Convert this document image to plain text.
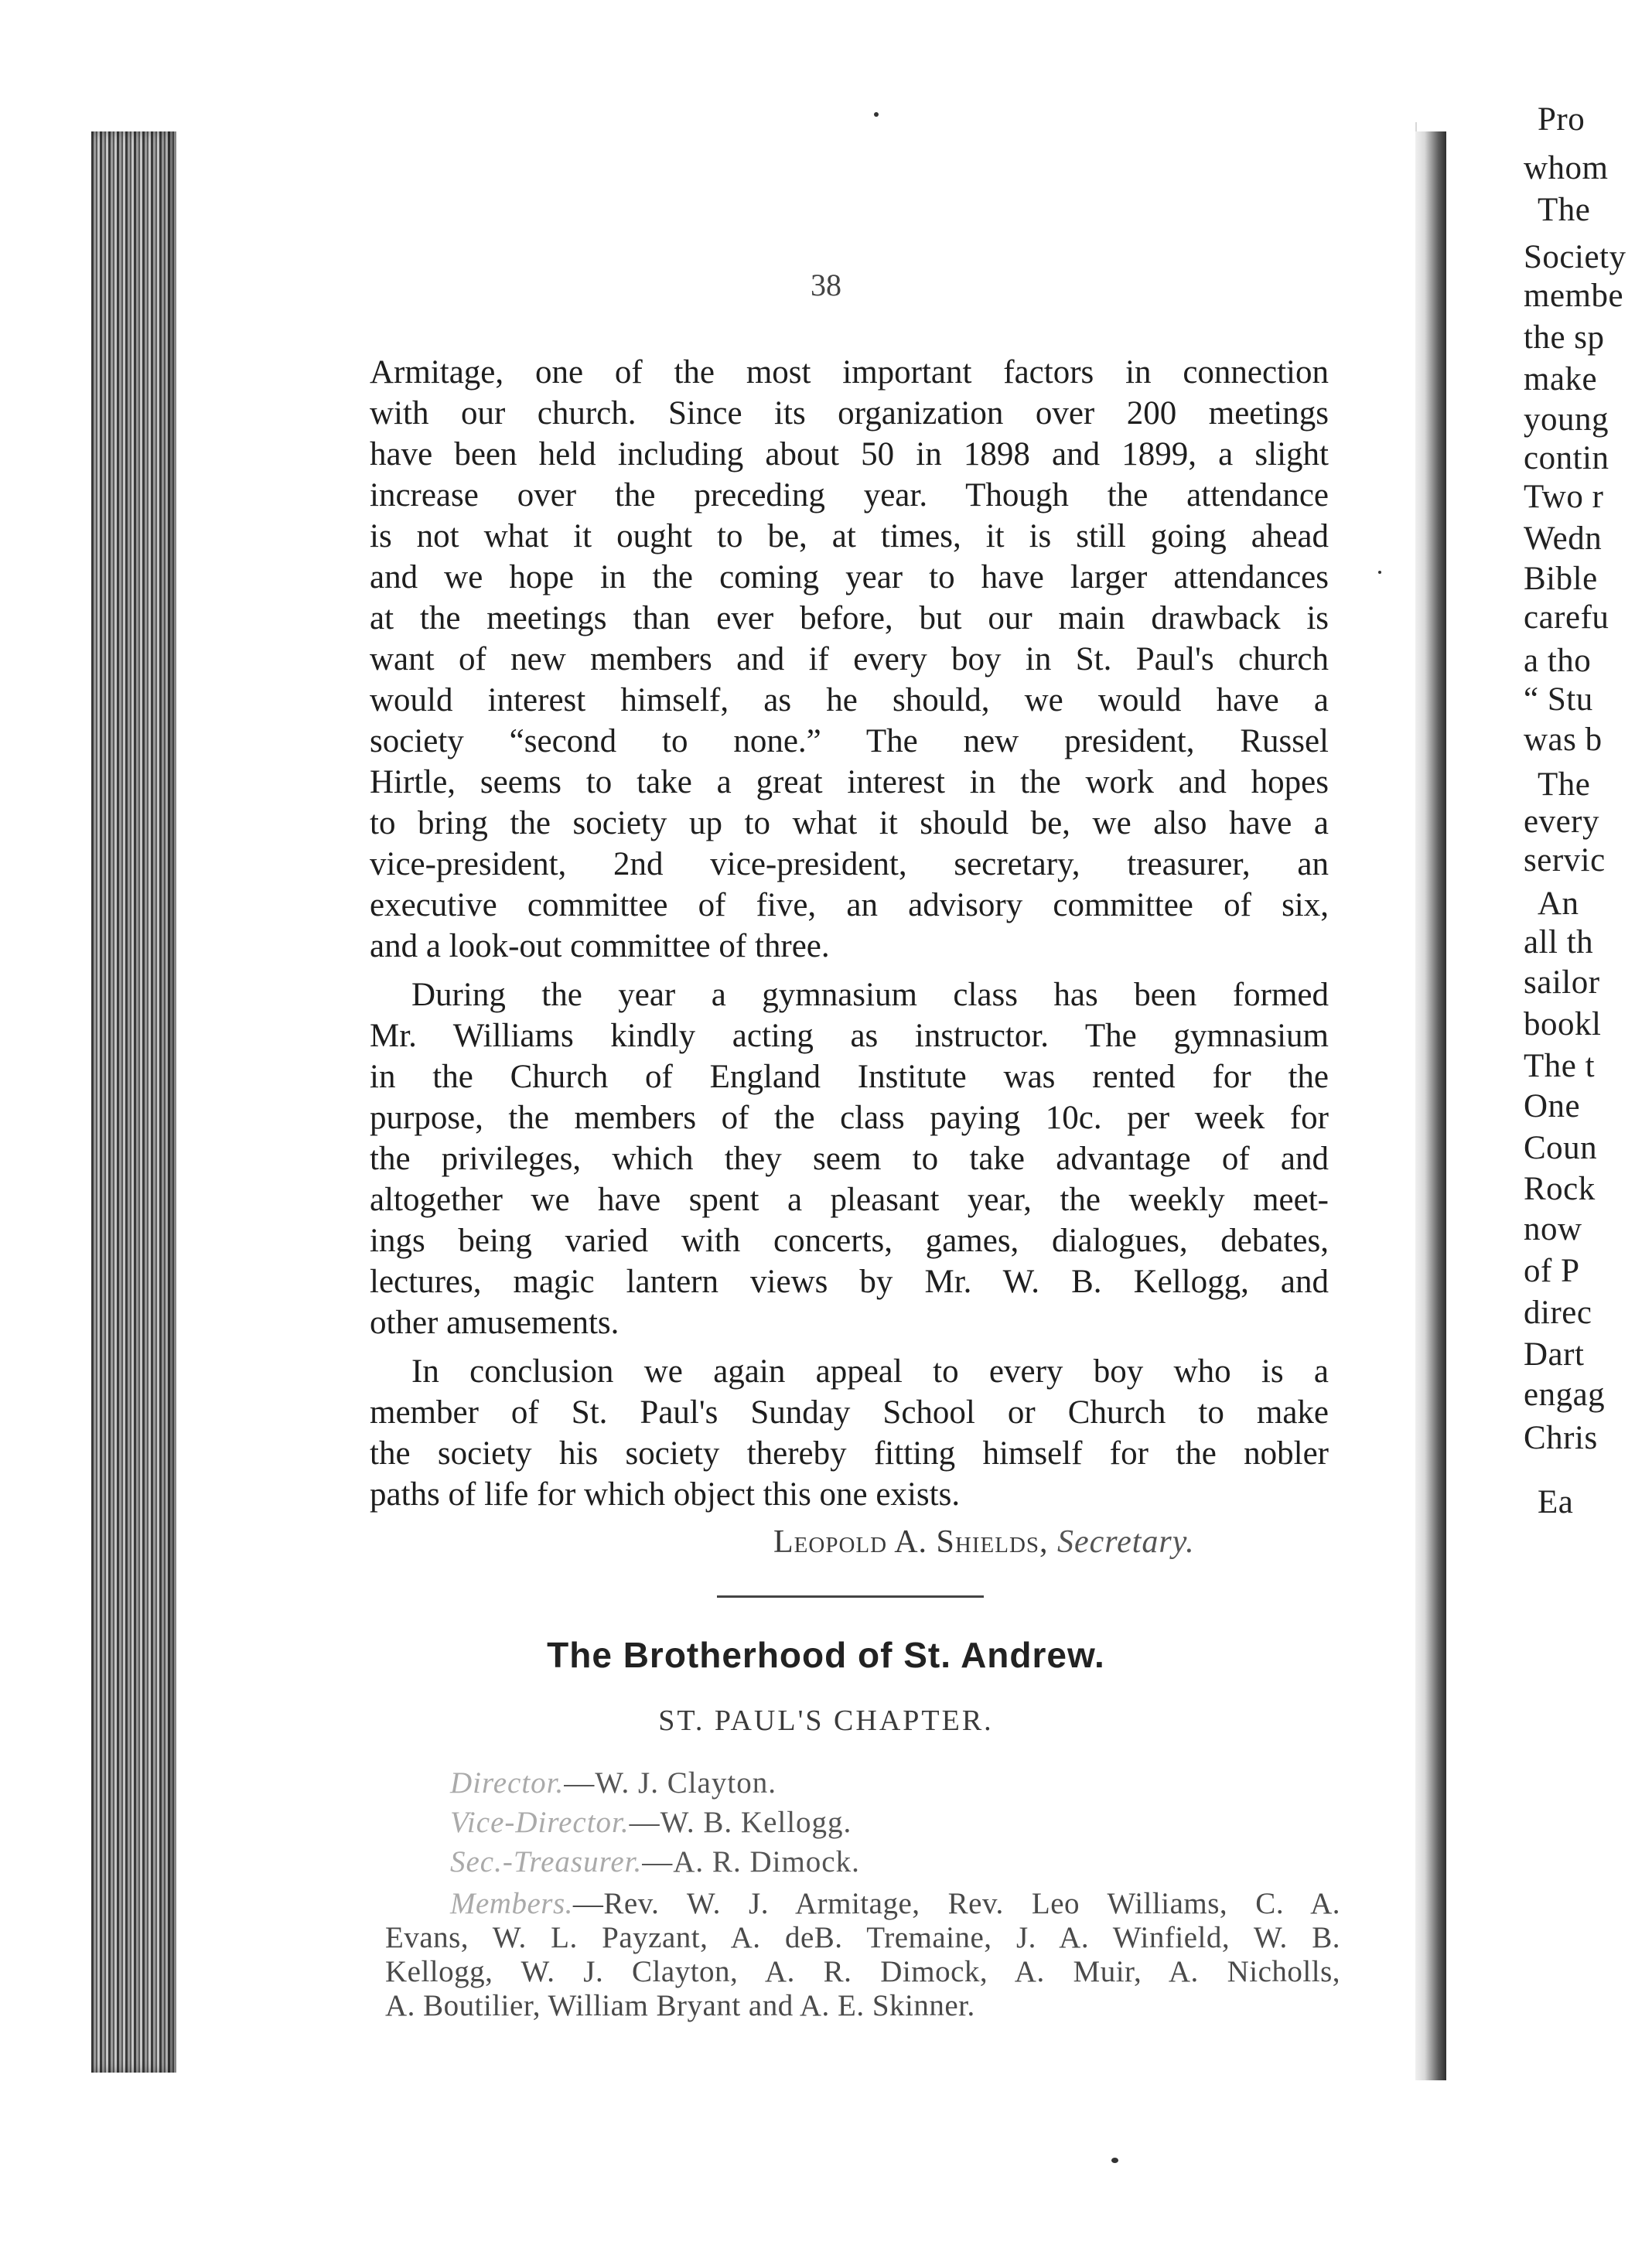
Pro
whom
The
Society
membe
the sp
make
young
contin
Two r
Wedn
Bible
carefu
a tho
“ Stu
was b
The
every
servic
An
all th
sailor
bookl
The t
One
Coun
Rock
now
of P
direc
Dart
engag
Chris
Ea
38
Armitage, one of the most important factors in connection
with our church. Since its organization over 200 meetings
have been held including about 50 in 1898 and 1899, a slight
increase over the preceding year. Though the attendance
is not what it ought to be, at times, it is still going ahead
and we hope in the coming year to have larger attendances
at the meetings than ever before, but our main drawback is
want of new members and if every boy in St. Paul's church
would interest himself, as he should, we would have a
society “second to none.” The new president, Russel
Hirtle, seems to take a great interest in the work and hopes
to bring the society up to what it should be, we also have a
vice-president, 2nd vice-president, secretary, treasurer, an
executive committee of five, an advisory committee of six,
and a look-out committee of three.
During the year a gymnasium class has been formed
Mr. Williams kindly acting as instructor. The gymnasium
in the Church of England Institute was rented for the
purpose, the members of the class paying 10c. per week for
the privileges, which they seem to take advantage of and
altogether we have spent a pleasant year, the weekly meet-
ings being varied with concerts, games, dialogues, debates,
lectures, magic lantern views by Mr. W. B. Kellogg, and
other amusements.
In conclusion we again appeal to every boy who is a
member of St. Paul's Sunday School or Church to make
the society his society thereby fitting himself for the nobler
paths of life for which object this one exists.
Leopold A. Shields, Secretary.
The Brotherhood of St. Andrew.
ST. PAUL'S CHAPTER.
Director.—W. J. Clayton.
Vice-Director.—W. B. Kellogg.
Sec.-Treasurer.—A. R. Dimock.
Members.—Rev. W. J. Armitage, Rev. Leo Williams, C. A.
Evans, W. L. Payzant, A. deB. Tremaine, J. A. Winfield, W. B.
Kellogg, W. J. Clayton, A. R. Dimock, A. Muir, A. Nicholls,
A. Boutilier, William Bryant and A. E. Skinner.
